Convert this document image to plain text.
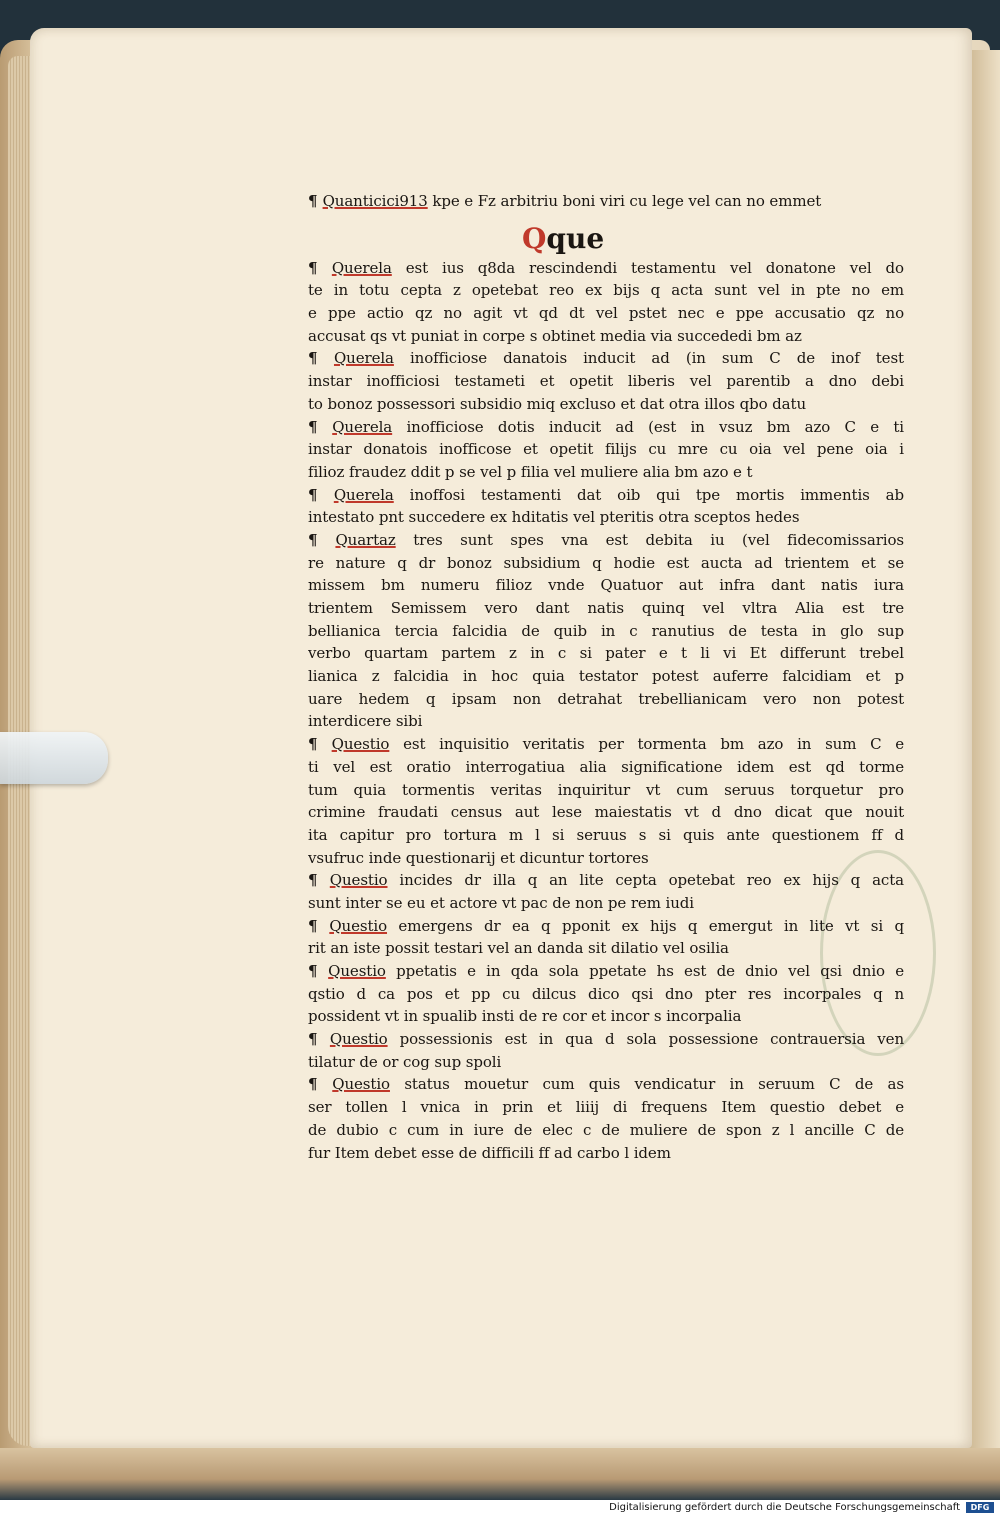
Qque
¶ Quanticici913 kpe e Fz arbitriu boni viri cu lege vel can no emmet
¶ Querela est ius q8da rescindendi testamentu vel donatone vel do
te in totu cepta z opetebat reo ex bijs q acta sunt vel in pte no em
e ppe actio qz no agit vt qd dt vel pstet nec e ppe accusatio qz no
accusat qs vt puniat in corpe s obtinet media via succededi bm az
¶ Querela inofficiose danatois inducit ad (in sum C de inof test
instar inofficiosi testameti et opetit liberis vel parentib a dno debi
to bonoz possessori subsidio miq excluso et dat otra illos qbo datu
¶ Querela inofficiose dotis inducit ad (est in vsuz bm azo C e ti
instar donatois inofficose et opetit filijs cu mre cu oia vel pene oia i
filioz fraudez ddit p se vel p filia vel muliere alia bm azo e t
¶ Querela inoffosi testamenti dat oib qui tpe mortis immentis ab
intestato pnt succedere ex hditatis vel pteritis otra sceptos hedes
¶ Quartaz tres sunt spes vna est debita iu (vel fidecomissarios
re nature q dr bonoz subsidium q hodie est aucta ad trientem et se
missem bm numeru filioz vnde Quatuor aut infra dant natis iura
trientem Semissem vero dant natis quinq vel vltra Alia est tre
bellianica tercia falcidia de quib in c ranutius de testa in glo sup
verbo quartam partem z in c si pater e t li vi Et differunt trebel
lianica z falcidia in hoc quia testator potest auferre falcidiam et p
uare hedem q ipsam non detrahat trebellianicam vero non potest
interdicere sibi
¶ Questio est inquisitio veritatis per tormenta bm azo in sum C e
ti vel est oratio interrogatiua alia significatione idem est qd torme
tum quia tormentis veritas inquiritur vt cum seruus torquetur pro
crimine fraudati census aut lese maiestatis vt d dno dicat que nouit
ita capitur pro tortura m l si seruus s si quis ante questionem ff d
vsufruc inde questionarij et dicuntur tortores
¶ Questio incides dr illa q an lite cepta opetebat reo ex hijs q acta
sunt inter se eu et actore vt pac de non pe rem iudi
¶ Questio emergens dr ea q pponit ex hijs q emergut in lite vt si q
rit an iste possit testari vel an danda sit dilatio vel osilia
¶ Questio ppetatis e in qda sola ppetate hs est de dnio vel qsi dnio e
qstio d ca pos et pp cu dilcus dico qsi dno pter res incorpales q n
possident vt in spualib insti de re cor et incor s incorpalia
¶ Questio possessionis est in qua d sola possessione contrauersia ven
tilatur de or cog sup spoli
¶ Questio status mouetur cum quis vendicatur in seruum C de as
ser tollen l vnica in prin et liiij di frequens Item questio debet e
de dubio c cum in iure de elec c de muliere de spon z l ancille C de
fur Item debet esse de difficili ff ad carbo l idem
Digitalisierung gefördert durch die Deutsche Forschungsgemeinschaft	DFG
